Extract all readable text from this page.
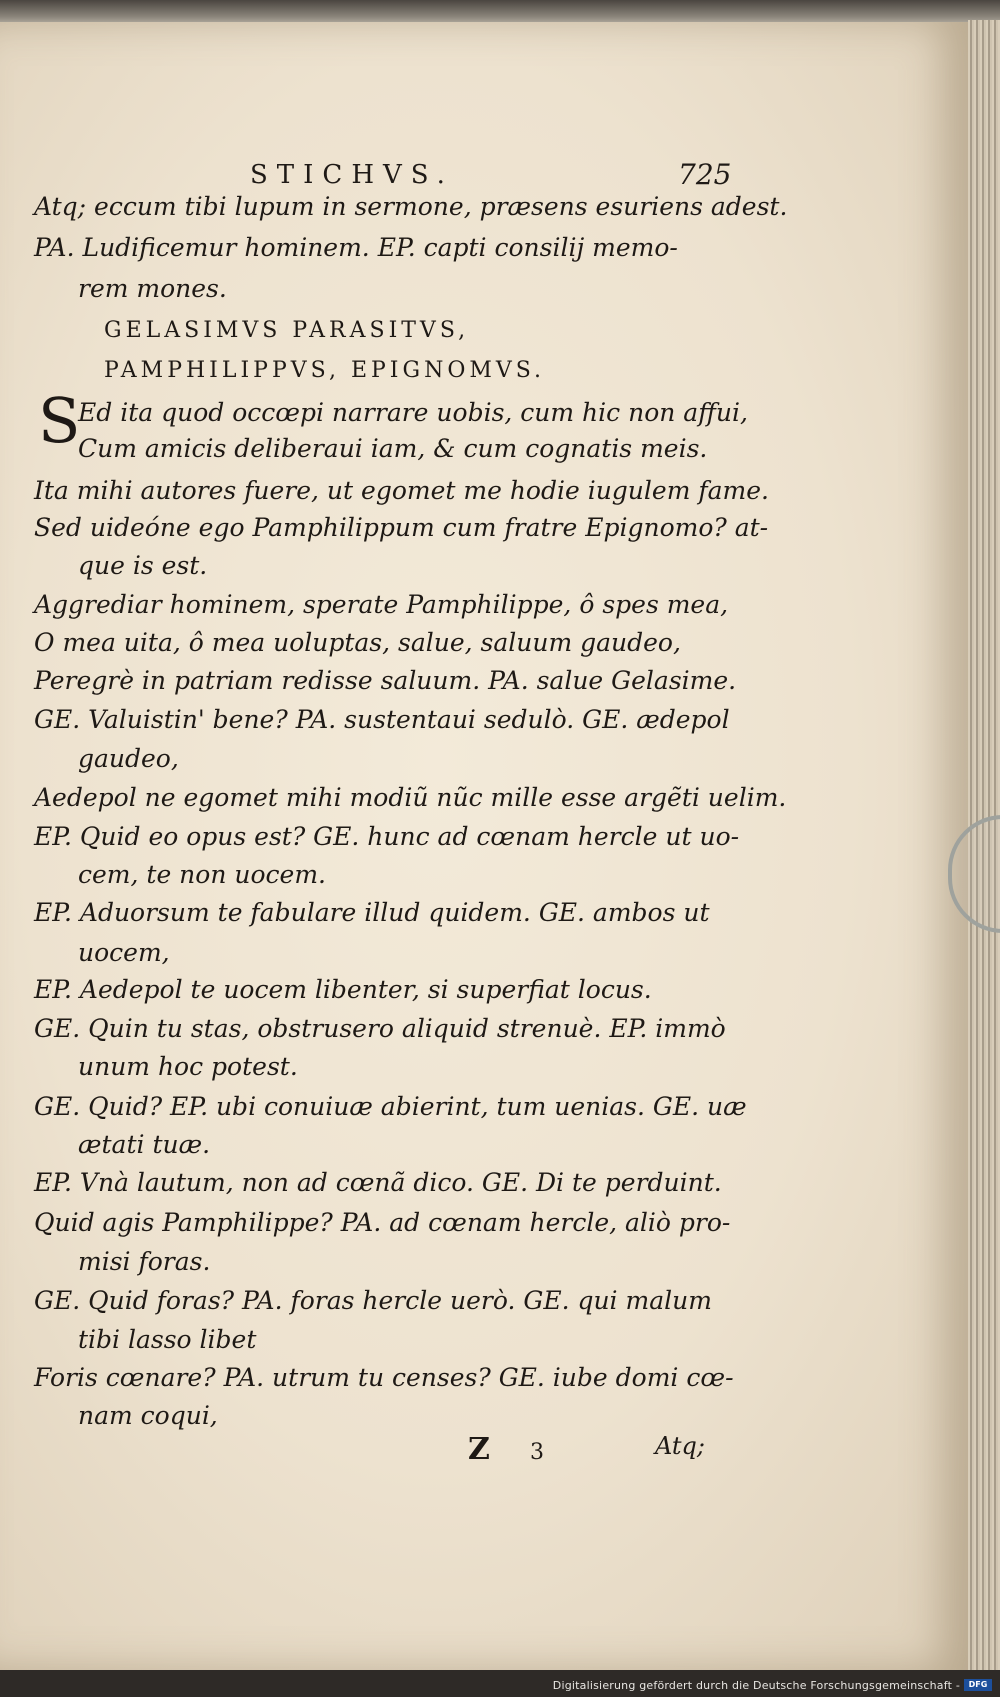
STICHVS.	725
S
Atq; eccum tibi lupum in sermone, præsens esuriens adest.
PA. Ludificemur hominem. EP. capti consilij memo-
rem mones.
GELASIMVS PARASITVS,
PAMPHILIPPVS, EPIGNOMVS.
Ed ita quod occœpi narrare uobis, cum hic non affui,
Cum amicis deliberaui iam, & cum cognatis meis.
Ita mihi autores fuere, ut egomet me hodie iugulem fame.
Sed uideóne ego Pamphilippum cum fratre Epignomo? at-
que is est.
Aggrediar hominem, sperate Pamphilippe, ô spes mea,
O mea uita, ô mea uoluptas, salue, saluum gaudeo,
Peregrè in patriam redisse saluum. PA. salue Gelasime.
GE. Valuistin' bene? PA. sustentaui sedulò. GE. ædepol
gaudeo,
Aedepol ne egomet mihi modiũ nũc mille esse argẽti uelim.
EP. Quid eo opus est? GE. hunc ad cœnam hercle ut uo-
cem, te non uocem.
EP. Aduorsum te fabulare illud quidem. GE. ambos ut
uocem,
EP. Aedepol te uocem libenter, si superfiat locus.
GE. Quin tu stas, obstrusero aliquid strenuè. EP. immò
unum hoc potest.
GE. Quid? EP. ubi conuiuæ abierint, tum uenias. GE. uæ
ætati tuæ.
EP. Vnà lautum, non ad cœnã dico. GE. Di te perduint.
Quid agis Pamphilippe? PA. ad cœnam hercle, aliò pro-
misi foras.
GE. Quid foras? PA. foras hercle uerò. GE. qui malum
tibi lasso libet
Foris cœnare? PA. utrum tu censes? GE. iube domi cœ-
nam coqui,
Z 3	Atq;
Digitalisierung gefördert durch die Deutsche Forschungsgemeinschaft -	DFG
